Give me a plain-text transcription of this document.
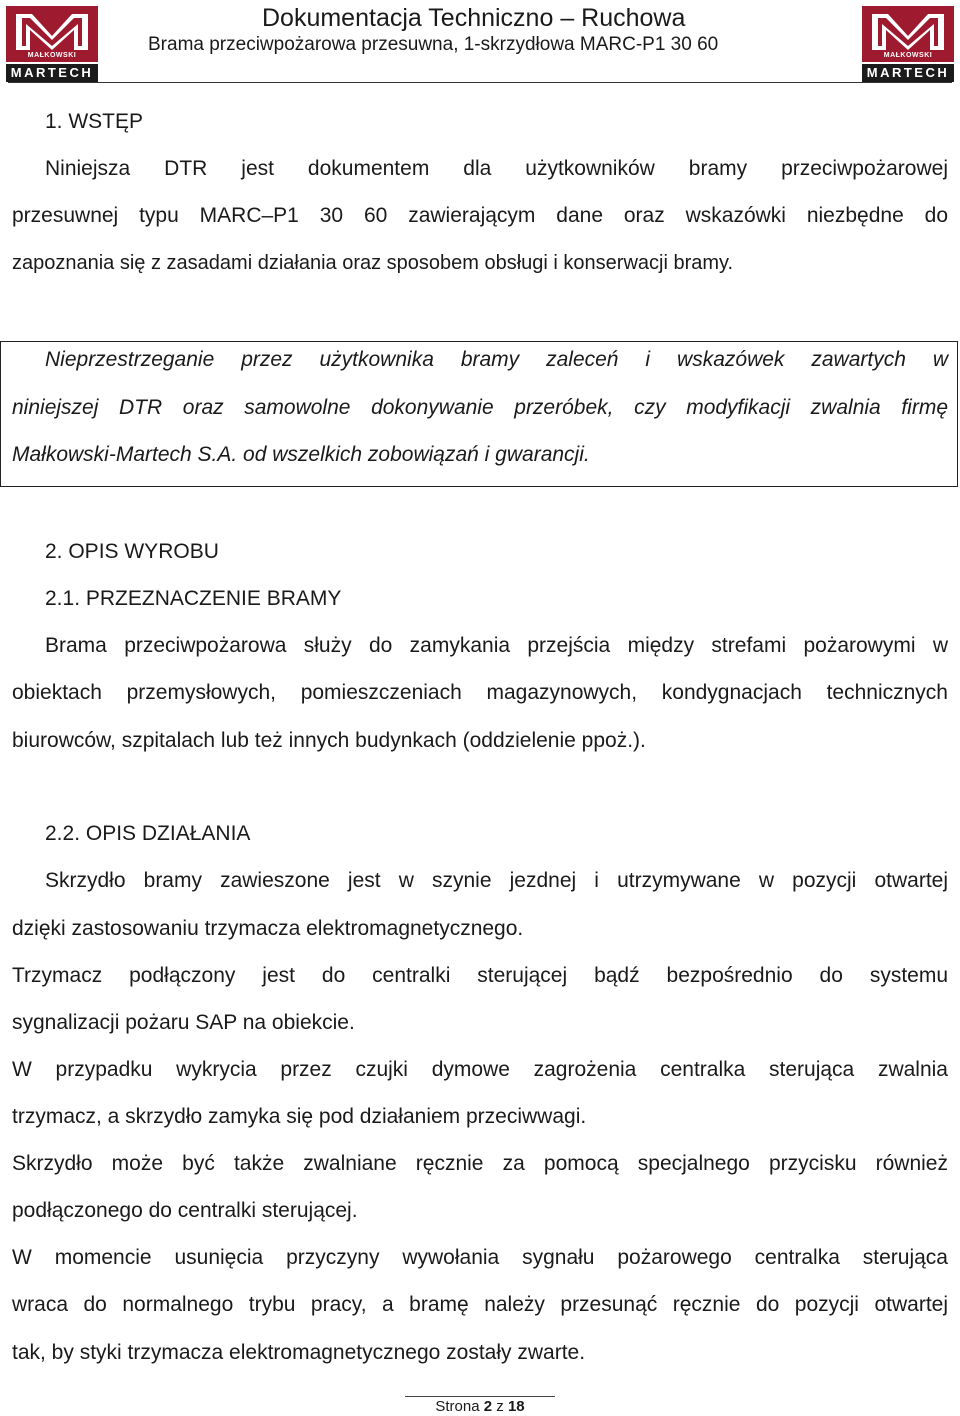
MAŁKOWSKI
MARTECH
Dokumentacja Techniczno – Ruchowa
Brama przeciwpożarowa przesuwna, 1-skrzydłowa MARC-P1 30 60
MAŁKOWSKI
MARTECH
1. WSTĘP
Niniejsza DTR jest dokumentem dla użytkowników bramy przeciwpożarowej
przesuwnej typu MARC–P1 30 60 zawierającym dane oraz wskazówki niezbędne do
zapoznania się z zasadami działania oraz sposobem obsługi i konserwacji bramy.
Nieprzestrzeganie przez użytkownika bramy zaleceń i wskazówek zawartych w
niniejszej DTR oraz samowolne dokonywanie przeróbek, czy modyfikacji zwalnia firmę
Małkowski-Martech S.A. od wszelkich zobowiązań i gwarancji.
2. OPIS WYROBU
2.1. PRZEZNACZENIE BRAMY
Brama przeciwpożarowa służy do zamykania przejścia między strefami pożarowymi w
obiektach przemysłowych, pomieszczeniach magazynowych, kondygnacjach technicznych
biurowców, szpitalach lub też innych budynkach (oddzielenie ppoż.).
2.2. OPIS DZIAŁANIA
Skrzydło bramy zawieszone jest w szynie jezdnej i utrzymywane w pozycji otwartej
dzięki zastosowaniu trzymacza elektromagnetycznego.
Trzymacz podłączony jest do centralki sterującej bądź bezpośrednio do systemu
sygnalizacji pożaru SAP na obiekcie.
W przypadku wykrycia przez czujki dymowe zagrożenia centralka sterująca zwalnia
trzymacz, a skrzydło zamyka się pod działaniem przeciwwagi.
Skrzydło może być także zwalniane ręcznie za pomocą specjalnego przycisku również
podłączonego do centralki sterującej.
W momencie usunięcia przyczyny wywołania sygnału pożarowego centralka sterująca
wraca do normalnego trybu pracy, a bramę należy przesunąć ręcznie do pozycji otwartej
tak, by styki trzymacza elektromagnetycznego zostały zwarte.
Strona 2 z 18
